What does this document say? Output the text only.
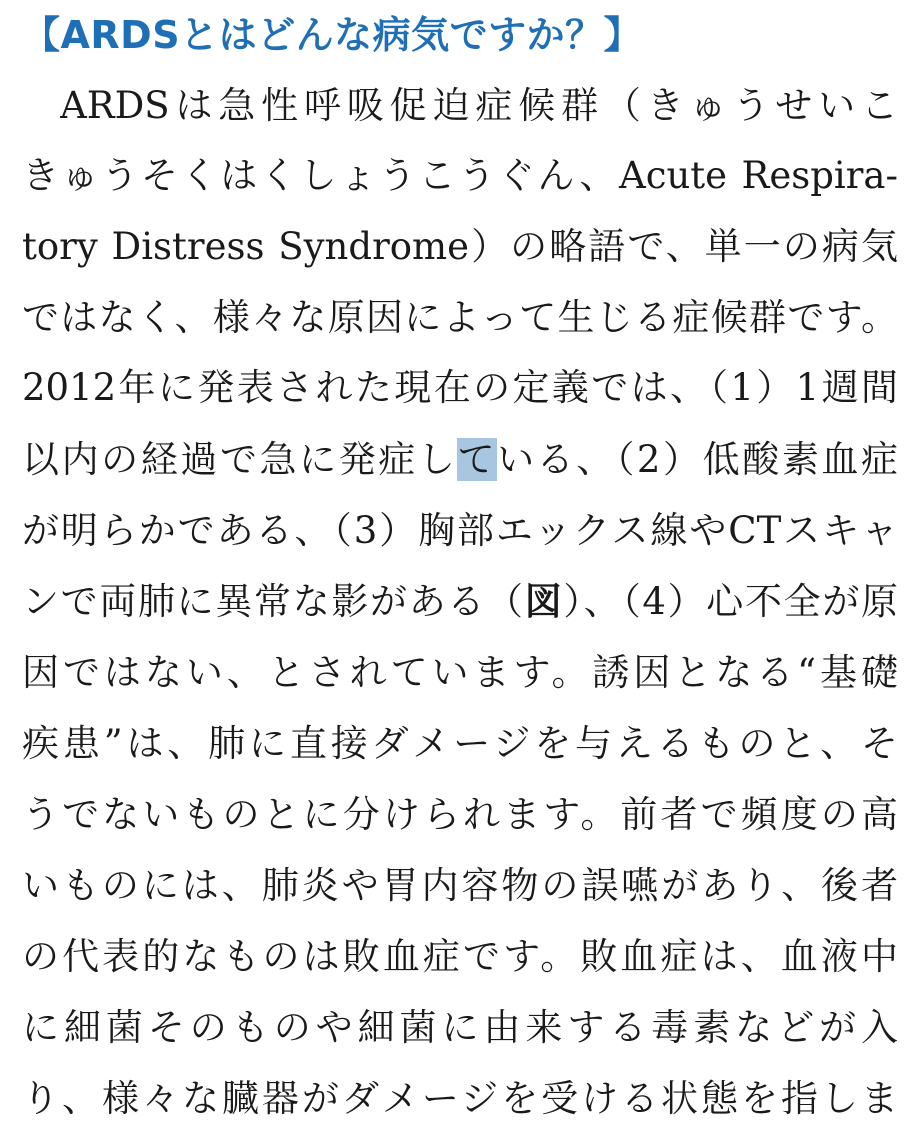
【ARDSとはどんな病気ですか？】

ARDSは急性呼吸促迫症候群（きゅうせいこ

きゅうそくはくしょうこうぐん、Acute Respira-

tory Distress Syndrome）の略語で、単一の病気

ではなく、様々な原因によって生じる症候群です。

2012年に発表された現在の定義では、（1）1週間

以内の経過で急に発症している、（2）低酸素血症

が明らかである、（3）胸部エックス線やCTスキャ

ンで両肺に異常な影がある（図）、（4）心不全が原

因ではない、とされています。誘因となる“基礎

疾患”は、肺に直接ダメージを与えるものと、そ

うでないものとに分けられます。前者で頻度の高

いものには、肺炎や胃内容物の誤嚥があり、後者

の代表的なものは敗血症です。敗血症は、血液中

に細菌そのものや細菌に由来する毒素などが入

り、様々な臓器がダメージを受ける状態を指しま
